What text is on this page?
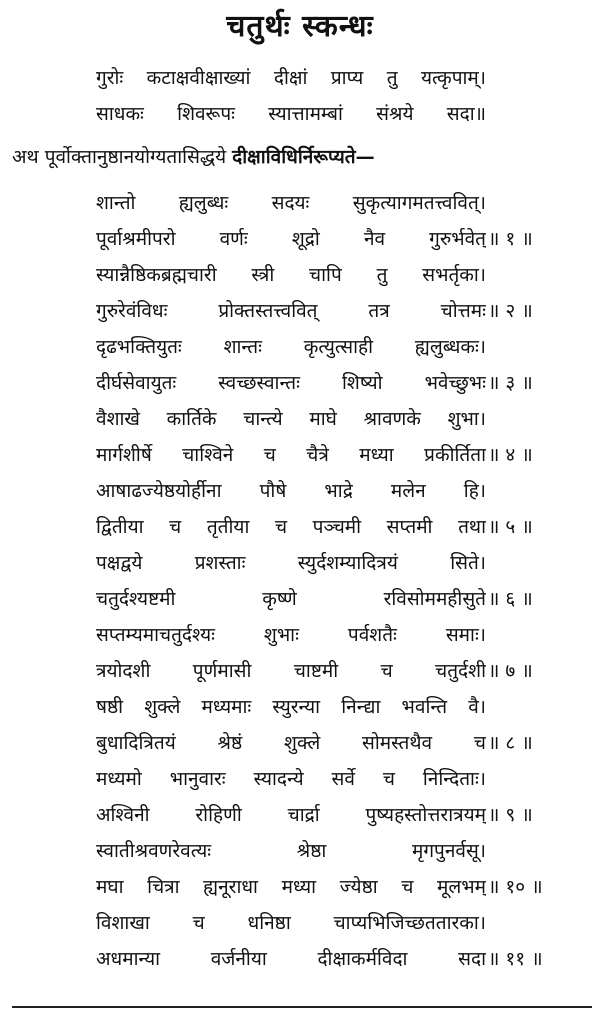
चतुर्थः स्कन्धः
गुरोः कटाक्षवीक्षाख्यां दीक्षां प्राप्य तु यत्कृपाम्।
साधकः शिवरूपः स्यात्तामम्बां संश्रये सदा॥
अथ पूर्वोक्तानुष्ठानयोग्यतासिद्धये दीक्षाविधिर्निरूप्यते—
शान्तो ह्यलुब्धः सदयः सुकृत्यागमतत्त्ववित्।
पूर्वाश्रमीपरो वर्णः शूद्रो नैव गुरुर्भवेत् ॥ १ ॥
स्यान्नैष्ठिकब्रह्मचारी स्त्री चापि तु सभर्तृका।
गुरुरेवंविधः प्रोक्तस्तत्त्ववित् तत्र चोत्तमः ॥ २ ॥
दृढभक्तियुतः शान्तः कृत्युत्साही ह्यलुब्धकः।
दीर्घसेवायुतः स्वच्छस्वान्तः शिष्यो भवेच्छुभः ॥ ३ ॥
वैशाखे कार्तिके चान्त्ये माघे श्रावणके शुभा।
मार्गशीर्षे चाश्विने च चैत्रे मध्या प्रकीर्तिता ॥ ४ ॥
आषाढज्येष्ठयोर्हीना पौषे भाद्रे मलेन हि।
द्वितीया च तृतीया च पञ्चमी सप्तमी तथा ॥ ५ ॥
पक्षद्वये प्रशस्ताः स्युर्दशम्यादित्रयं सिते।
चतुर्दश्यष्टमी कृष्णे रविसोममहीसुते ॥ ६ ॥
सप्तम्यमाचतुर्दश्यः शुभाः पर्वशतैः समाः।
त्रयोदशी पूर्णमासी चाष्टमी च चतुर्दशी ॥ ७ ॥
षष्ठी शुक्ले मध्यमाः स्युरन्या निन्द्या भवन्ति वै।
बुधादित्रितयं श्रेष्ठं शुक्ले सोमस्तथैव च ॥ ८ ॥
मध्यमो भानुवारः स्यादन्ये सर्वे च निन्दिताः।
अश्विनी रोहिणी चार्द्रा पुष्यहस्तोत्तरात्रयम् ॥ ९ ॥
स्वातीश्रवणरेवत्यः श्रेष्ठा मृगपुनर्वसू।
मघा चित्रा ह्यनूराधा मध्या ज्येष्ठा च मूलभम् ॥ १० ॥
विशाखा च धनिष्ठा चाप्यभिजिच्छततारका।
अधमान्या वर्जनीया दीक्षाकर्मविदा सदा ॥ ११ ॥
